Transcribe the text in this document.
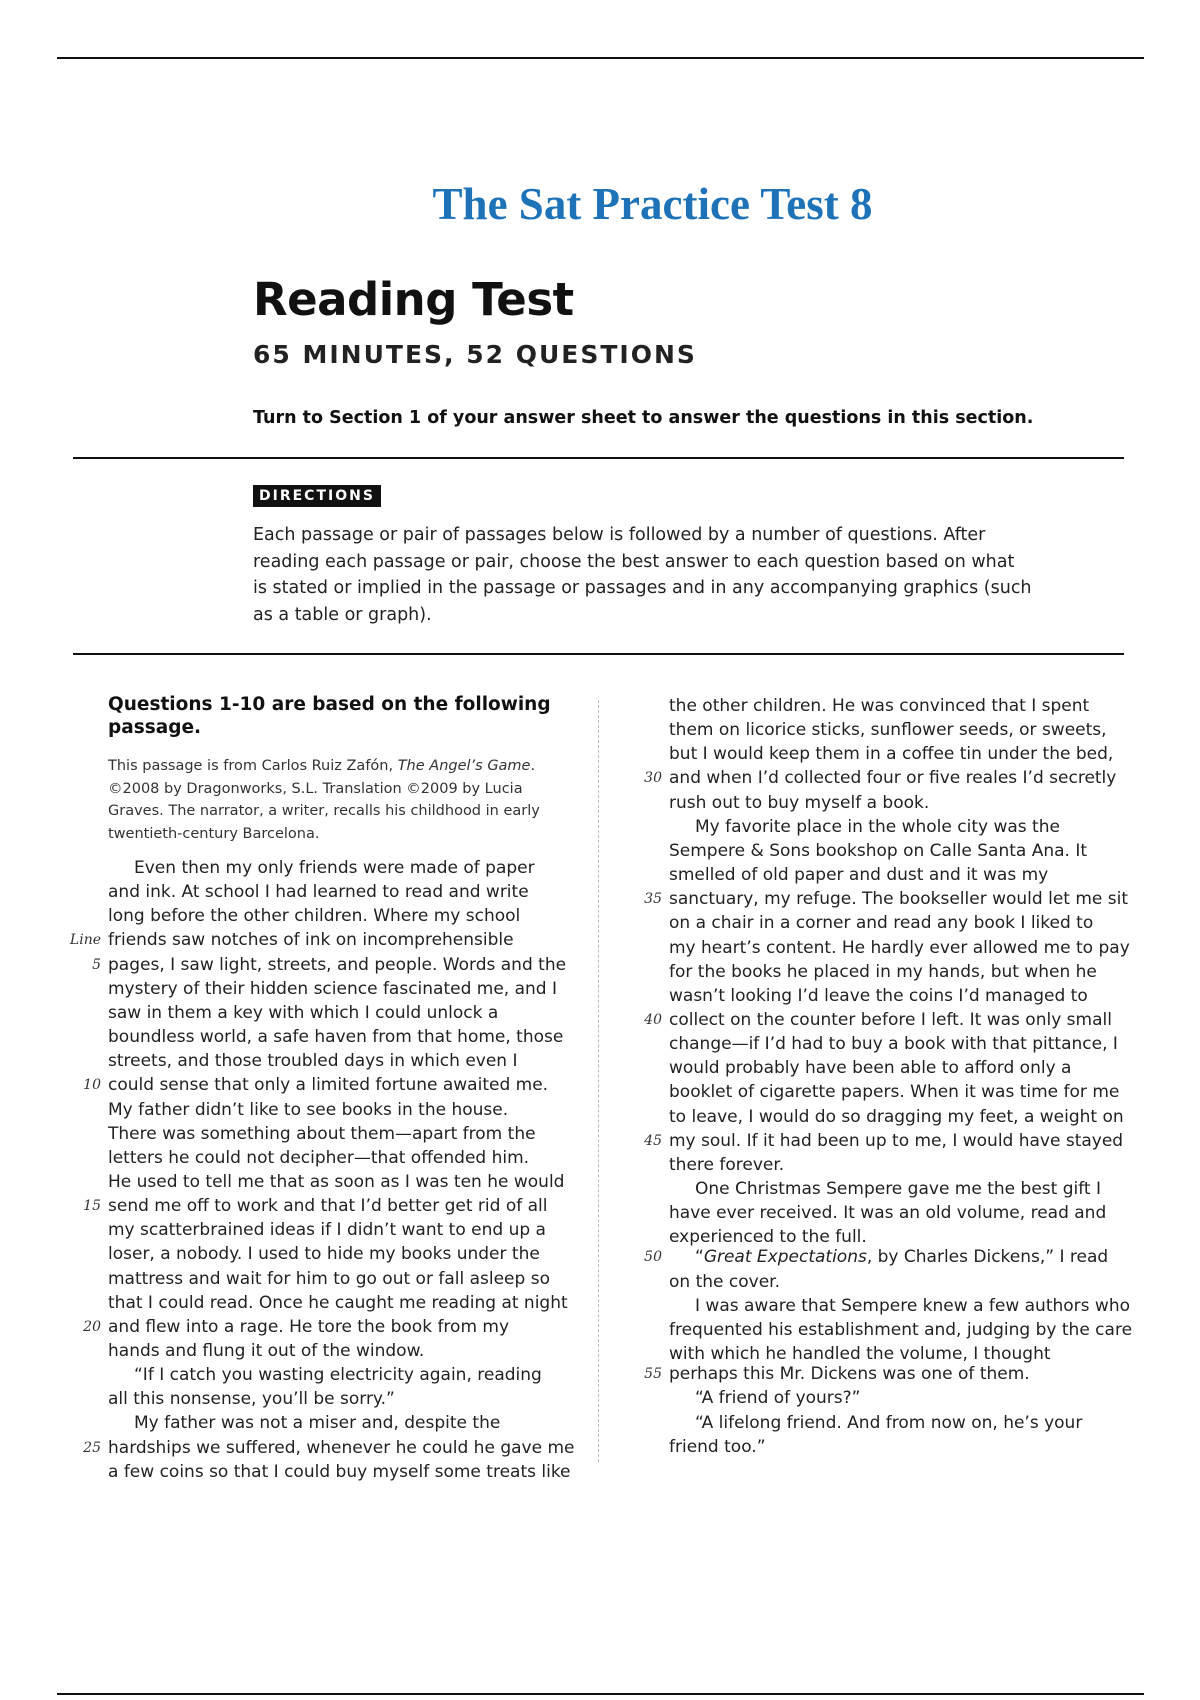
The Sat Practice Test 8
Reading Test
65 MINUTES, 52 QUESTIONS
Turn to Section 1 of your answer sheet to answer the questions in this section.
DIRECTIONS

Each passage or pair of passages below is followed by a number of questions. After reading each passage or pair, choose the best answer to each question based on what is stated or implied in the passage or passages and in any accompanying graphics (such as a table or graph).

Questions 1-10 are based on the following passage.
This passage is from Carlos Ruiz Zafón, The Angel’s Game. ©2008 by Dragonworks, S.L. Translation ©2009 by Lucia Graves. The narrator, a writer, recalls his childhood in early twentieth-century Barcelona.
Even then my only friends were made of paper
and ink. At school I had learned to read and write
long before the other children. Where my school
friends saw notches of ink on incomprehensible
Line
pages, I saw light, streets, and people. Words and the
5
mystery of their hidden science fascinated me, and I
saw in them a key with which I could unlock a
boundless world, a safe haven from that home, those
streets, and those troubled days in which even I
could sense that only a limited fortune awaited me.
10
My father didn’t like to see books in the house.
There was something about them—apart from the
letters he could not decipher—that offended him.
He used to tell me that as soon as I was ten he would
send me off to work and that I’d better get rid of all
15
my scatterbrained ideas if I didn’t want to end up a
loser, a nobody. I used to hide my books under the
mattress and wait for him to go out or fall asleep so
that I could read. Once he caught me reading at night
and flew into a rage. He tore the book from my
20
hands and flung it out of the window.
“If I catch you wasting electricity again, reading
all this nonsense, you’ll be sorry.”
My father was not a miser and, despite the
hardships we suffered, whenever he could he gave me
25
a few coins so that I could buy myself some treats like
the other children. He was convinced that I spent
them on licorice sticks, sunflower seeds, or sweets,
but I would keep them in a coffee tin under the bed,
and when I’d collected four or five reales I’d secretly
30
rush out to buy myself a book.
My favorite place in the whole city was the
Sempere & Sons bookshop on Calle Santa Ana. It
smelled of old paper and dust and it was my
sanctuary, my refuge. The bookseller would let me sit
35
on a chair in a corner and read any book I liked to
my heart’s content. He hardly ever allowed me to pay
for the books he placed in my hands, but when he
wasn’t looking I’d leave the coins I’d managed to
collect on the counter before I left. It was only small
40
change—if I’d had to buy a book with that pittance, I
would probably have been able to afford only a
booklet of cigarette papers. When it was time for me
to leave, I would do so dragging my feet, a weight on
my soul. If it had been up to me, I would have stayed
45
there forever.
One Christmas Sempere gave me the best gift I
have ever received. It was an old volume, read and
experienced to the full.
“Great Expectations, by Charles Dickens,” I read
50
on the cover.
I was aware that Sempere knew a few authors who
frequented his establishment and, judging by the care
with which he handled the volume, I thought
perhaps this Mr. Dickens was one of them.
55
“A friend of yours?”
“A lifelong friend. And from now on, he’s your
friend too.”
